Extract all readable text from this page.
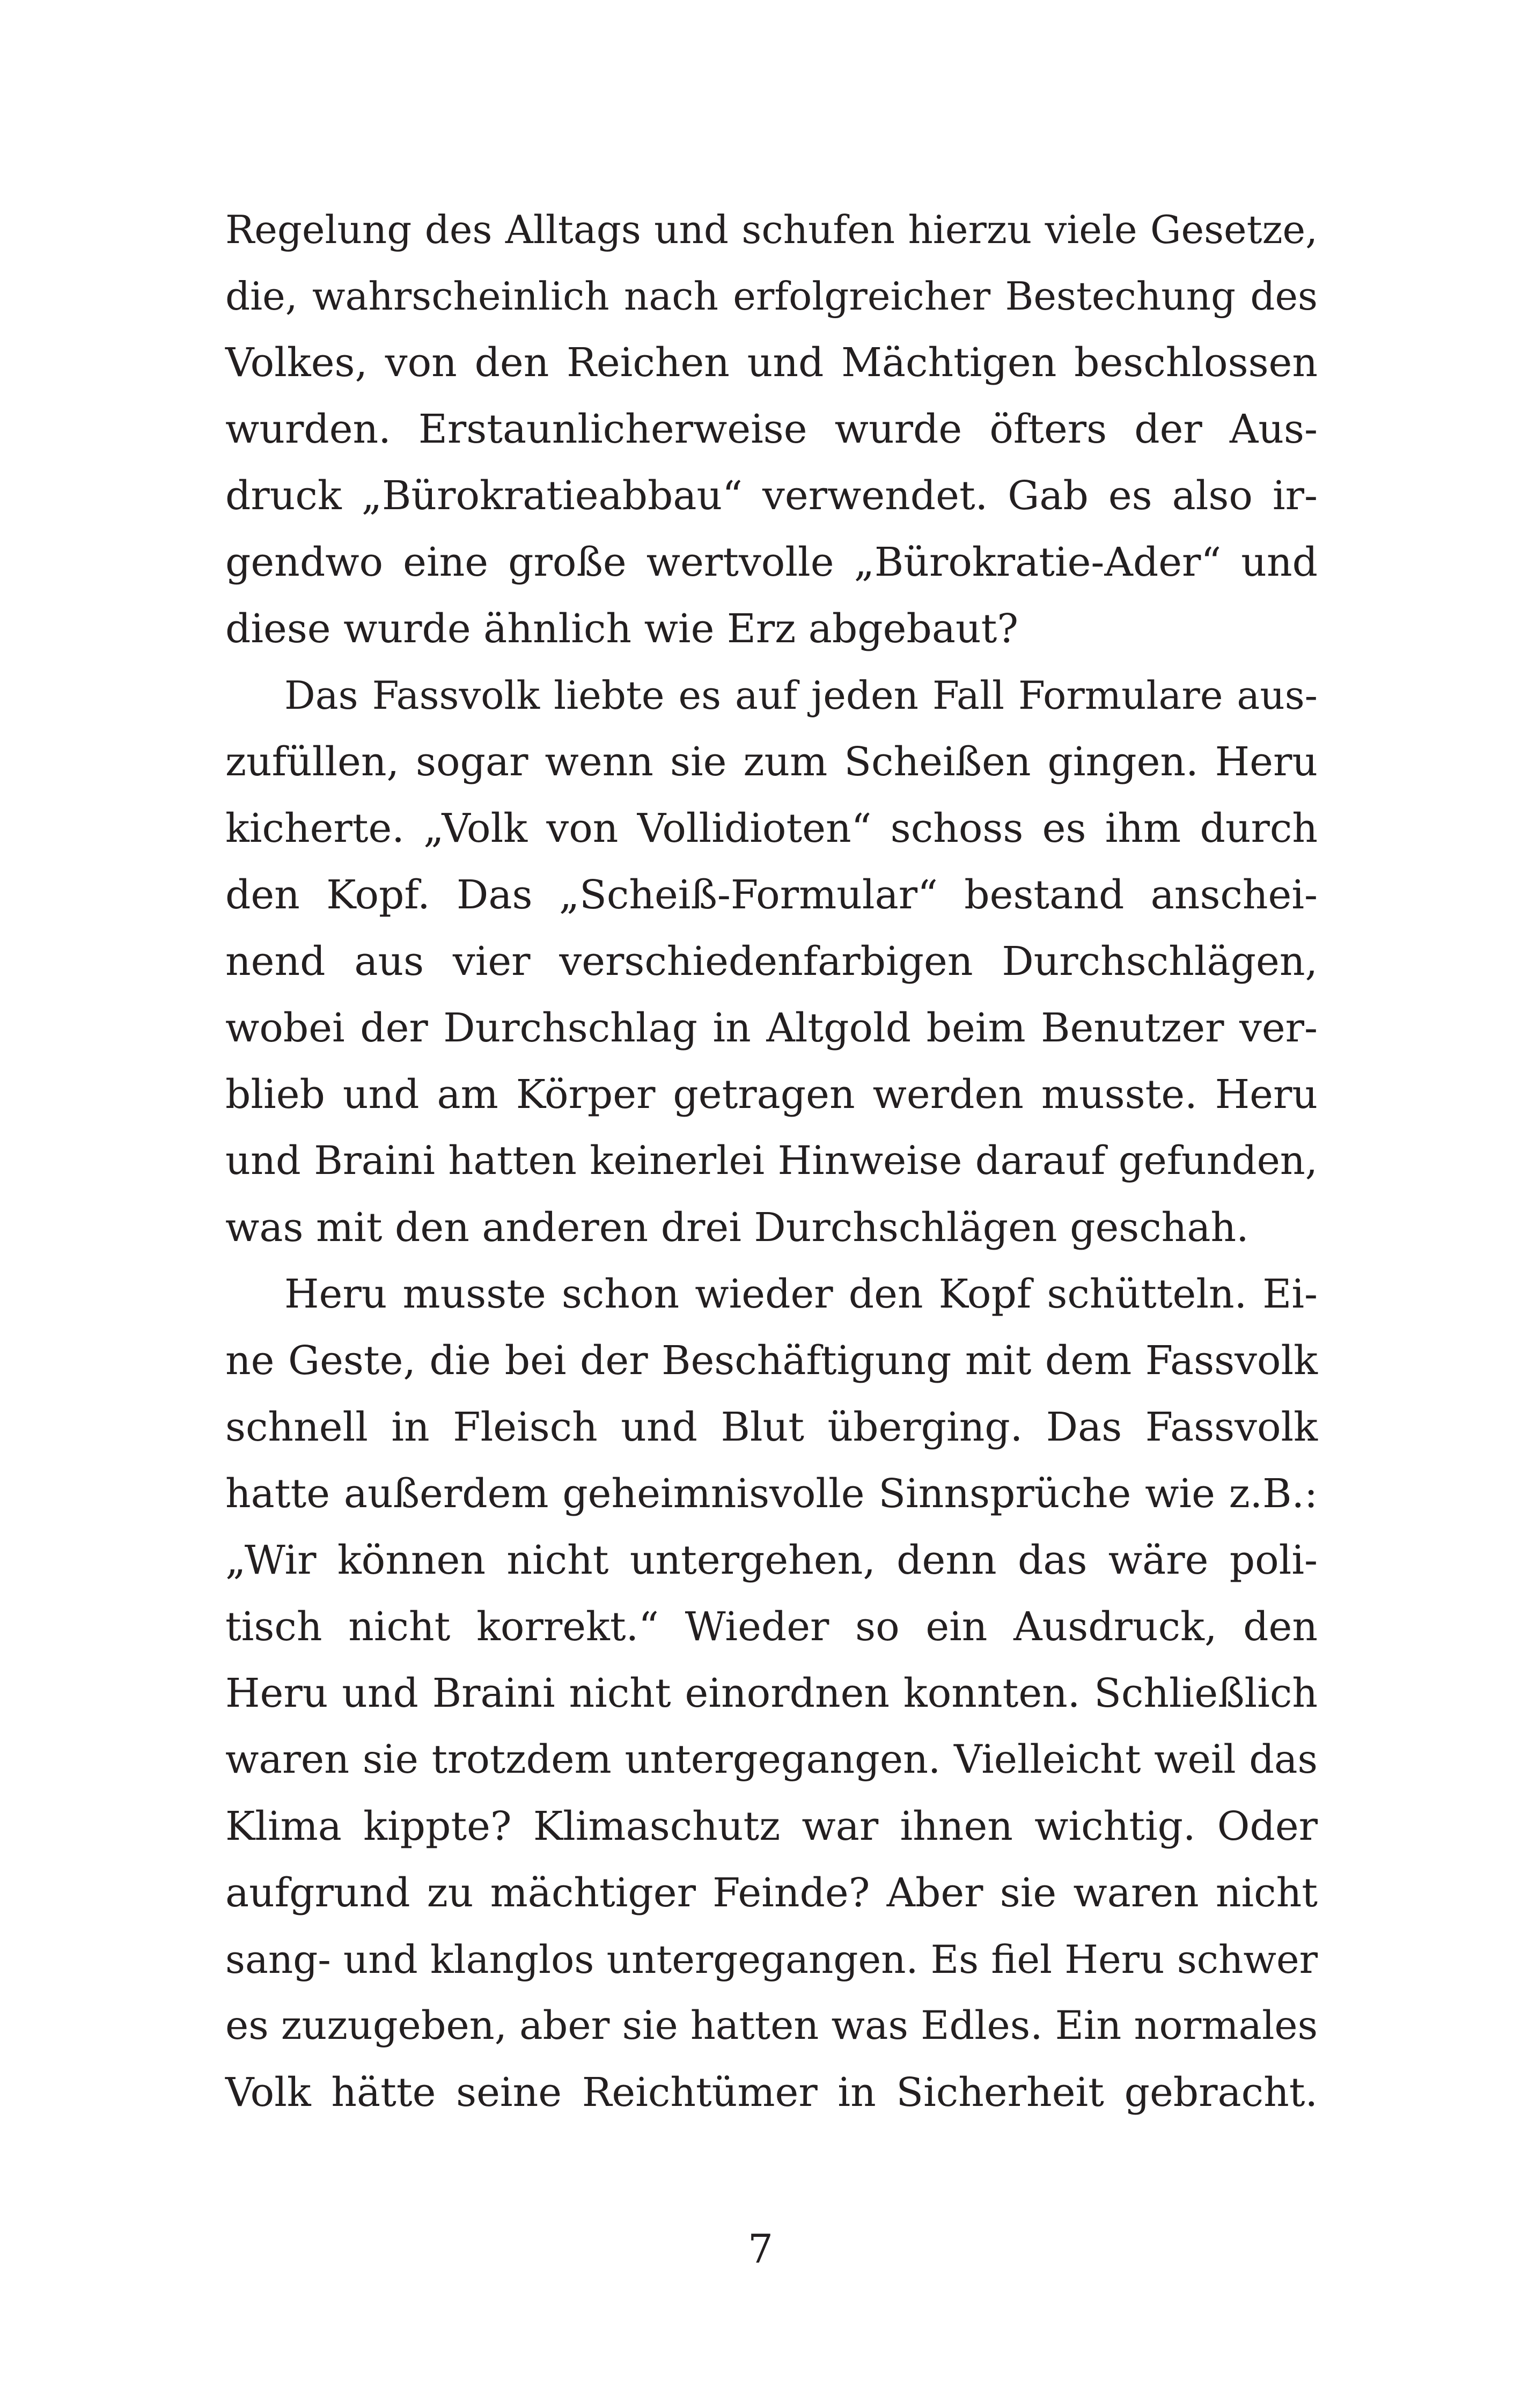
Regelung des Alltags und schufen hierzu viele Gesetze,
die, wahrscheinlich nach erfolgreicher Bestechung des
Volkes, von den Reichen und Mächtigen beschlossen
wurden. Erstaunlicherweise wurde öfters der Aus-
druck „Bürokratieabbau“ verwendet. Gab es also ir-
gendwo eine große wertvolle „Bürokratie-Ader“ und
diese wurde ähnlich wie Erz abgebaut?
Das Fassvolk liebte es auf jeden Fall Formulare aus-
zufüllen, sogar wenn sie zum Scheißen gingen. Heru
kicherte. „Volk von Vollidioten“ schoss es ihm durch
den Kopf. Das „Scheiß-Formular“ bestand anschei-
nend aus vier verschiedenfarbigen Durchschlägen,
wobei der Durchschlag in Altgold beim Benutzer ver-
blieb und am Körper getragen werden musste. Heru
und Braini hatten keinerlei Hinweise darauf gefunden,
was mit den anderen drei Durchschlägen geschah.
Heru musste schon wieder den Kopf schütteln. Ei-
ne Geste, die bei der Beschäftigung mit dem Fassvolk
schnell in Fleisch und Blut überging. Das Fassvolk
hatte außerdem geheimnisvolle Sinnsprüche wie z.B.:
„Wir können nicht untergehen, denn das wäre poli-
tisch nicht korrekt.“ Wieder so ein Ausdruck, den
Heru und Braini nicht einordnen konnten. Schließlich
waren sie trotzdem untergegangen. Vielleicht weil das
Klima kippte? Klimaschutz war ihnen wichtig. Oder
aufgrund zu mächtiger Feinde? Aber sie waren nicht
sang- und klanglos untergegangen. Es fiel Heru schwer
es zuzugeben, aber sie hatten was Edles. Ein normales
Volk hätte seine Reichtümer in Sicherheit gebracht.
7
